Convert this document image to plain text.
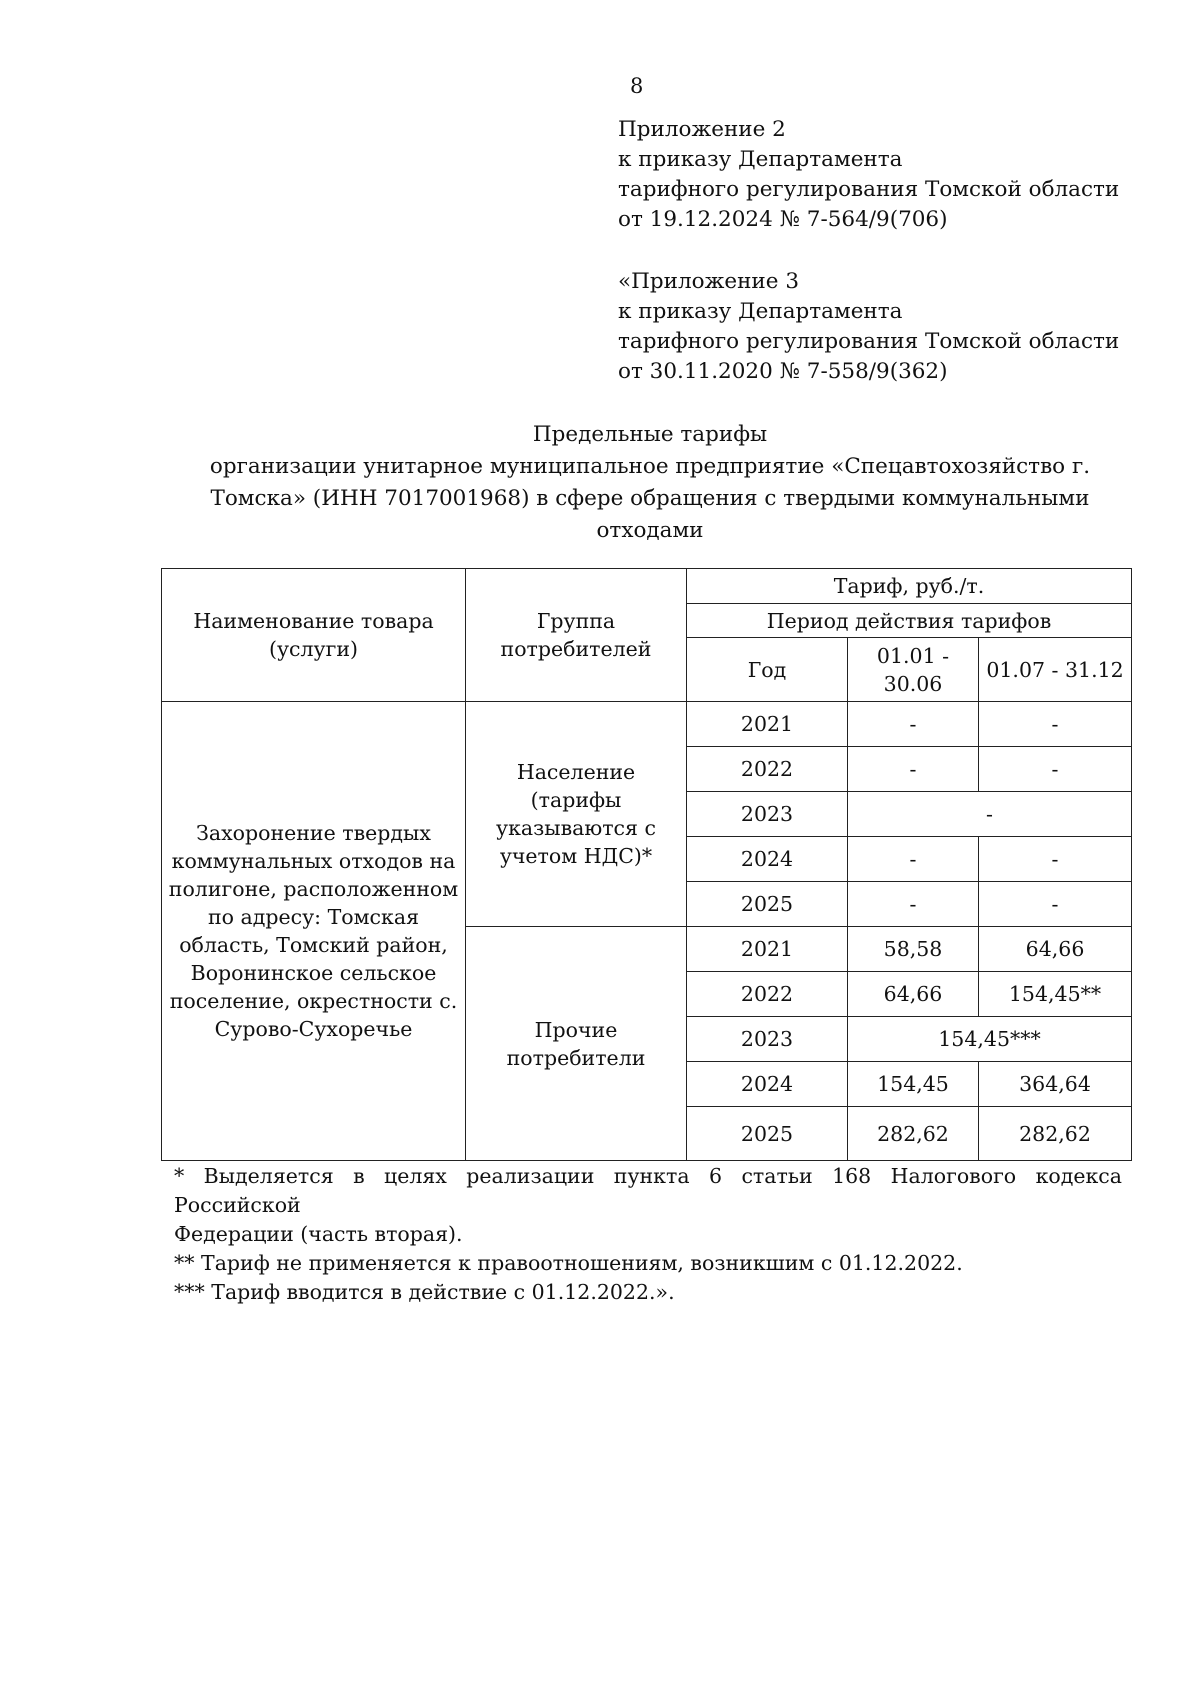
8
Приложение 2
к приказу Департамента
тарифного регулирования Томской области
от 19.12.2024 № 7-564/9(706)
«Приложение 3
к приказу Департамента
тарифного регулирования Томской области
от 30.11.2020 № 7-558/9(362)
Предельные тарифы
организации унитарное муниципальное предприятие «Спецавтохозяйство г.
Томска» (ИНН 7017001968) в сфере обращения с твердыми коммунальными
отходами
Наименование товара (услуги)	Группа потребителей	Тариф, руб./т.		
		Период действия тарифов		
		Год	01.01 - 30.06	01.07 - 31.12
Захоронение твердых коммунальных отходов на полигоне, расположенном по адресу: Томская область, Томский район, Воронинское сельское поселение, окрестности с. Сурово-Сухоречье	Население (тарифы указываются с учетом НДС)*	2021	-	-
		2022	-	-
		2023	-	
		2024	-	-
		2025	-	-
	Прочие потребители	2021	58,58	64,66
		2022	64,66	154,45**
		2023	154,45***	
		2024	154,45	364,64
		2025	282,62	282,62
* Выделяется в целях реализации пункта 6 статьи 168 Налогового кодекса Российской
Федерации (часть вторая).
** Тариф не применяется к правоотношениям, возникшим с 01.12.2022.
*** Тариф вводится в действие с 01.12.2022.».
